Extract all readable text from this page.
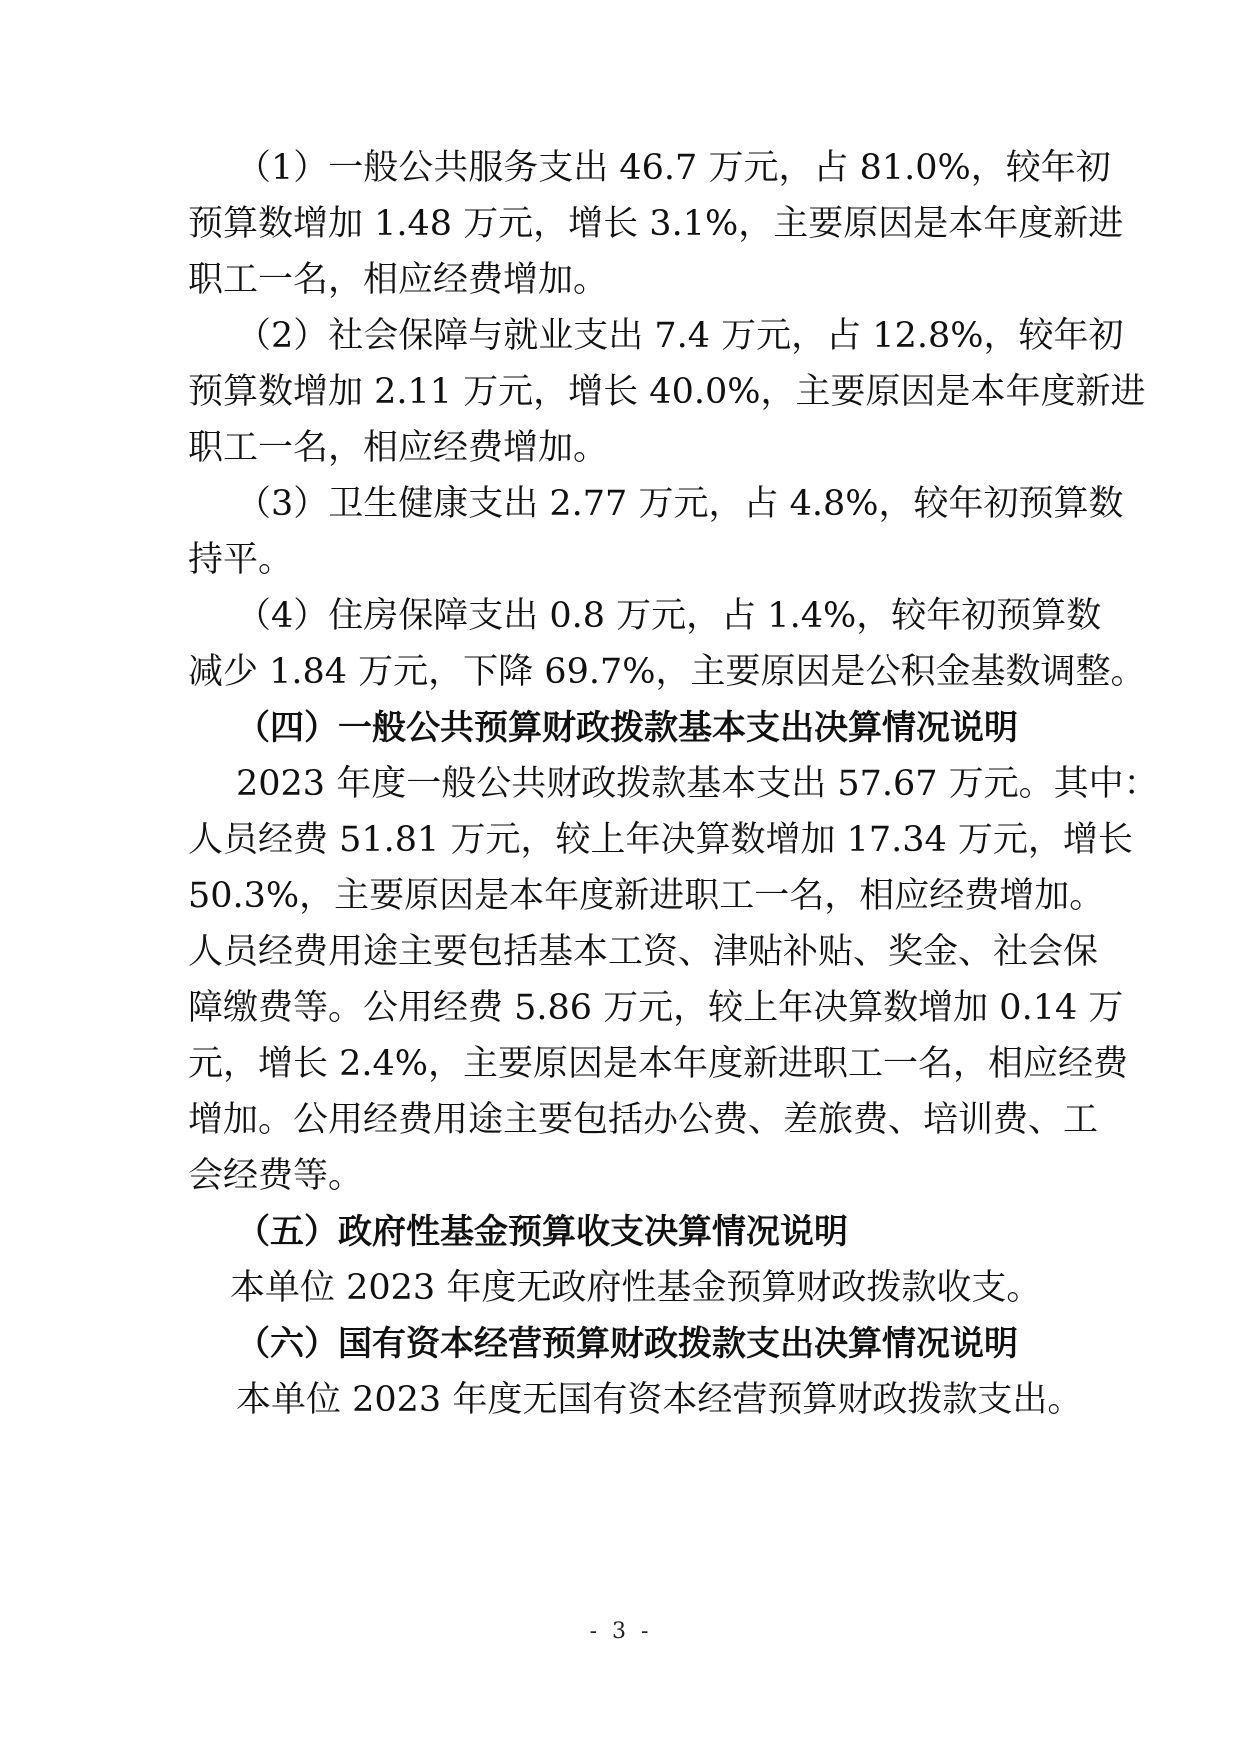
（1）一般公共服务支出 46.7 万元，占 81.0%，较年初
预算数增加 1.48 万元，增长 3.1%，主要原因是本年度新进
职工一名，相应经费增加。
（2）社会保障与就业支出 7.4 万元，占 12.8%，较年初
预算数增加 2.11 万元，增长 40.0%，主要原因是本年度新进
职工一名，相应经费增加。
（3）卫生健康支出 2.77 万元，占 4.8%，较年初预算数
持平。
（4）住房保障支出 0.8 万元，占 1.4%，较年初预算数
减少 1.84 万元，下降 69.7%，主要原因是公积金基数调整。
（四）一般公共预算财政拨款基本支出决算情况说明
2023 年度一般公共财政拨款基本支出 57.67 万元。其中：
人员经费 51.81 万元，较上年决算数增加 17.34 万元，增长
50.3%，主要原因是本年度新进职工一名，相应经费增加。
人员经费用途主要包括基本工资、津贴补贴、奖金、社会保
障缴费等。公用经费 5.86 万元，较上年决算数增加 0.14 万
元，增长 2.4%，主要原因是本年度新进职工一名，相应经费
增加。公用经费用途主要包括办公费、差旅费、培训费、工
会经费等。
（五）政府性基金预算收支决算情况说明
本单位 2023 年度无政府性基金预算财政拨款收支。
（六）国有资本经营预算财政拨款支出决算情况说明
本单位 2023 年度无国有资本经营预算财政拨款支出。
- 3 -
